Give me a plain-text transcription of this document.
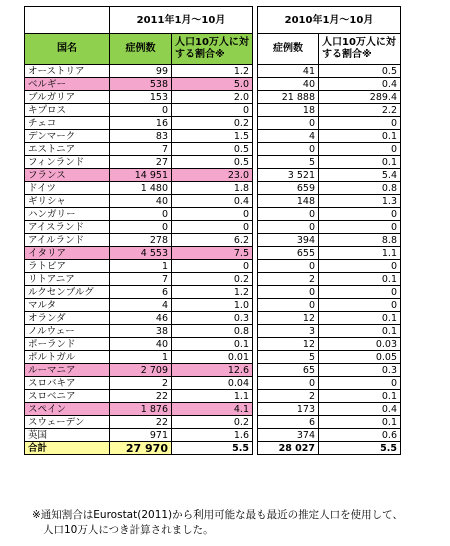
	2011年1月～10月			2010年1月～10月	
国名	症例数	人口10万人に対する割合※		症例数	人口10万人に対する割合※
オーストリア	99	1.2		41	0.5
ベルギー	538	5.0		40	0.4
ブルガリア	153	2.0		21 888	289.4
キプロス	0	0		18	2.2
チェコ	16	0.2		0	0
デンマーク	83	1.5		4	0.1
エストニア	7	0.5		0	0
フィンランド	27	0.5		5	0.1
フランス	14 951	23.0		3 521	5.4
ドイツ	1 480	1.8		659	0.8
ギリシャ	40	0.4		148	1.3
ハンガリー	0	0		0	0
アイスランド	0	0		0	0
アイルランド	278	6.2		394	8.8
イタリア	4 553	7.5		655	1.1
ラトビア	1	0		0	0
リトアニア	7	0.2		2	0.1
ルクセンブルグ	6	1.2		0	0
マルタ	4	1.0		0	0
オランダ	46	0.3		12	0.1
ノルウェー	38	0.8		3	0.1
ポーランド	40	0.1		12	0.03
ポルトガル	1	0.01		5	0.05
ルーマニア	2 709	12.6		65	0.3
スロバキア	2	0.04		0	0
スロベニア	22	1.1		2	0.1
スペイン	1 876	4.1		173	0.4
スウェーデン	22	0.2		6	0.1
英国	971	1.6		374	0.6
合計	27 970	5.5		28 027	5.5
※通知割合はEurostat(2011)から利用可能な最も最近の推定人口を使用して、
人口10万人につき計算されました。
